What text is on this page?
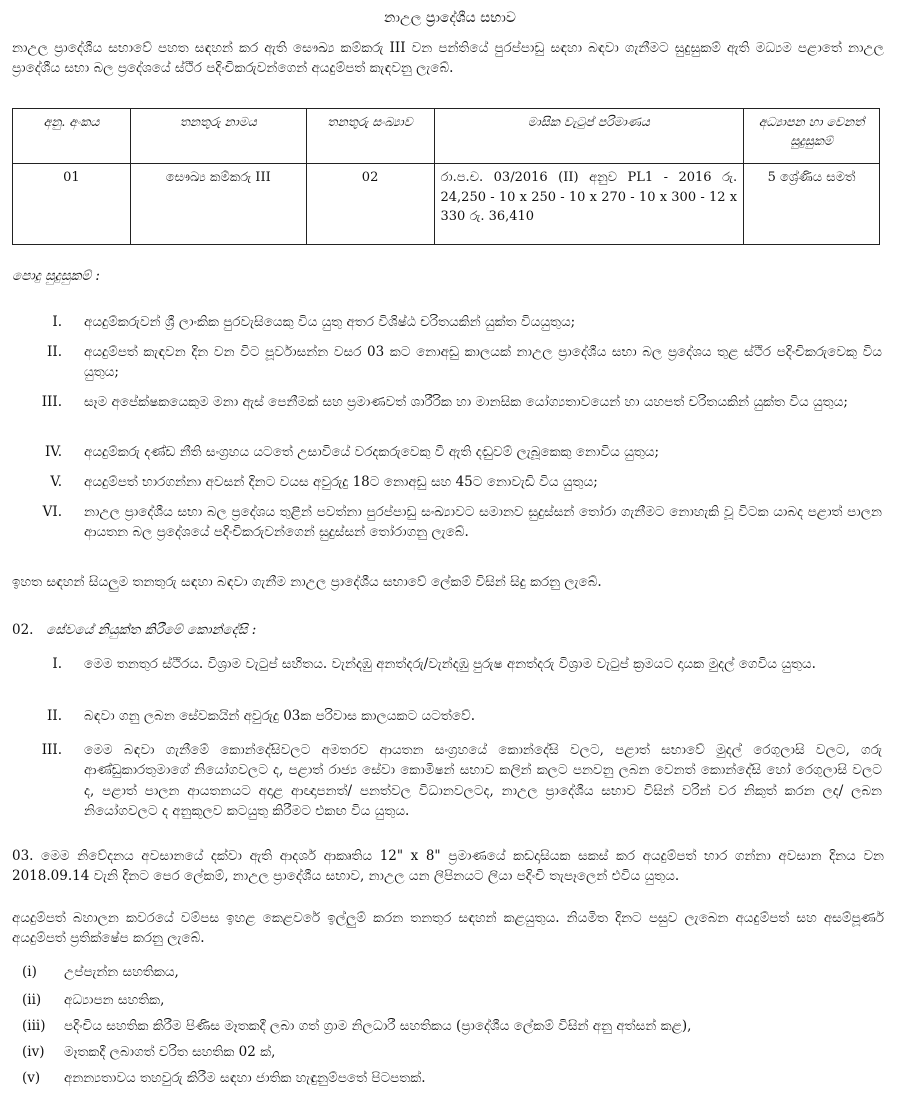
නාඋල ප්‍රාදේශීය සභාව
නාඋල ප්‍රාදේශීය සභාවේ පහත සඳහන් කර ඇති සෞඛ්‍ය කම්කරු III වන පන්තියේ පුරප්පාඩු සඳහා බඳවා ගැනීමට සුදුසුකම් ඇති මධ්‍යම පළාතේ නාඋල ප්‍රාදේශීය සභා බල ප්‍රදේශයේ ස්ථිර පදිංචිකරුවන්ගෙන් අයදුම්පත් කැඳවනු ලැබේ.
අනු. අංකය	තනතුරු නාමය	තනතුරු සංඛ්‍යාව	මාසික වැටුප් පරිමාණය	අධ්‍යාපන හා වෙනත් සුදුසුකම්
01	සෞඛ්‍ය කම්කරු III	02	රා.ප.ච. 03/2016 (II) අනුව PL1 - 2016 රු. 24,250 - 10 x 250 - 10 x 270 - 10 x 300 - 12 x 330 රු. 36,410	5 ශ්‍රේණිය සමත්
පොදු සුදුසුකම් :
I.	අයදුම්කරුවන් ශ්‍රී ලාංකික පුරවැසියෙකු විය යුතු අතර විශිෂ්ඨ චරිතයකින් යුක්ත වියයුතුය;
II.	අයදුම්පත් කැඳවන දින වන විට පූර්වාසන්න වසර 03 කට නොඅඩු කාලයක් නාඋල ප්‍රාදේශීය සභා බල ප්‍රදේශය තුළ ස්ථිර පදිංචිකරුවෙකු විය යුතුය;
III.	සෑම අපේක්ෂකයෙකුම මනා ඇස් පෙනීමක් සහ ප්‍රමාණවත් ශාරීරික හා මානසික යෝග්‍යතාවයෙන් හා යහපත් චරිතයකින් යුක්ත විය යුතුය;
IV.	අයදුම්කරු දණ්ඩ නීති සංග්‍රහය යටතේ උසාවියේ වරදකරුවෙකු වී ඇති දඬුවම් ලැබූකෙකු නොවිය යුතුය;
V.	අයදුම්පත් භාරගන්නා අවසන් දිනට වයස අවුරුදු 18ට නොඅඩු සහ 45ට නොවැඩි විය යුතුය;
VI.	නාඋල ප්‍රාදේශීය සභා බල ප්‍රදේශය තුළින් පවත්නා පුරප්පාඩු සංඛ්‍යාවට සමානව සුදුස්සන් තෝරා ගැනීමට නොහැකි වූ විටක යාබද පළාත් පාලන ආයතන බල ප්‍රදේශයේ පදිංචිකරුවන්ගෙන් සුදුස්සන් තෝරාගනු ලැබේ.
ඉහත සඳහන් සියලුම තනතුරු සඳහා බඳවා ගැනීම නාඋල ප්‍රාදේශීය සභාවේ ලේකම් විසින් සිදු කරනු ලැබේ.
02. සේවයේ නියුක්ත කිරීමේ කොන්දේසි :
I.	මෙම තනතුර ස්ථිරය. විශ්‍රාම වැටුප් සහිතය. වැන්දඹු අනත්දරු/වැන්දඹු පුරුෂ අනත්දරු විශ්‍රාම වැටුප් ක්‍රමයට දායක මුදල් ගෙවිය යුතුය.
II.	බඳවා ගනු ලබන සේවකයින් අවුරුදු 03ක පරිවාස කාලයකට යටත්වේ.
III.	මෙම බඳවා ගැනීමේ කොන්දේසිවලට අමතරව ආයතන සංග්‍රහයේ කොන්දේසි වලට, පළාත් සභාවේ මුදල් රෙගුලාසි වලට, ගරු ආණ්ඩුකාරතුමාගේ නියෝගවලට ද, පළාත් රාජ්‍ය සේවා කොමිෂන් සභාව කලින් කලට පනවනු ලබන වෙනත් කොන්දේසි හෝ රෙගුලාසි වලට ද, පළාත් පාලන ආයතනයට අදාළ ආඥාපනත්/ පනත්වල විධානවලටද, නාඋල ප්‍රාදේශීය සභාව විසින් වරින් වර නිකුත් කරන ලද/ ලබන නියෝගවලට ද අනුකූලව කටයුතු කිරීමට එකඟ විය යුතුය.
03. මෙම නිවේදනය අවසානයේ දක්වා ඇති ආදර්ශ ආකෘතිය 12" x 8" ප්‍රමාණයේ කඩදාසියක සකස් කර අයදුම්පත් භාර ගන්නා අවසාන දිනය වන 2018.09.14 වැනි දිනට පෙර ලේකම්, නාඋල ප්‍රාදේශීය සභාව, නාඋල යන ලිපිනයට ලියා පදිංචි තැපෑලෙන් එවිය යුතුය.
අයදුම්පත් බහාලන කවරයේ වම්පස ඉහළ කෙළවරේ ඉල්ලුම් කරන තනතුර සඳහන් කළයුතුය. නියමිත දිනට පසුව ලැබෙන අයදුම්පත් සහ අසම්පූර්ණ අයදුම්පත් ප්‍රතික්ෂේප කරනු ලැබේ.
(i)	උප්පැන්න සහතිකය,
(ii)	අධ්‍යාපන සහතික,
(iii)	පදිංචිය සහතික කිරීම පිණිස මෑතකදී ලබා ගත් ග්‍රාම නිලධාරී සහතිකය (ප්‍රාදේශීය ලේකම් විසින් අනු අත්සන් කළ),
(iv)	මෑතකදී ලබාගත් චරිත සහතික 02 ක්,
(v)	අනන්‍යතාවය තහවුරු කිරීම සඳහා ජාතික හැඳුනුම්පතේ පිටපතක්.
